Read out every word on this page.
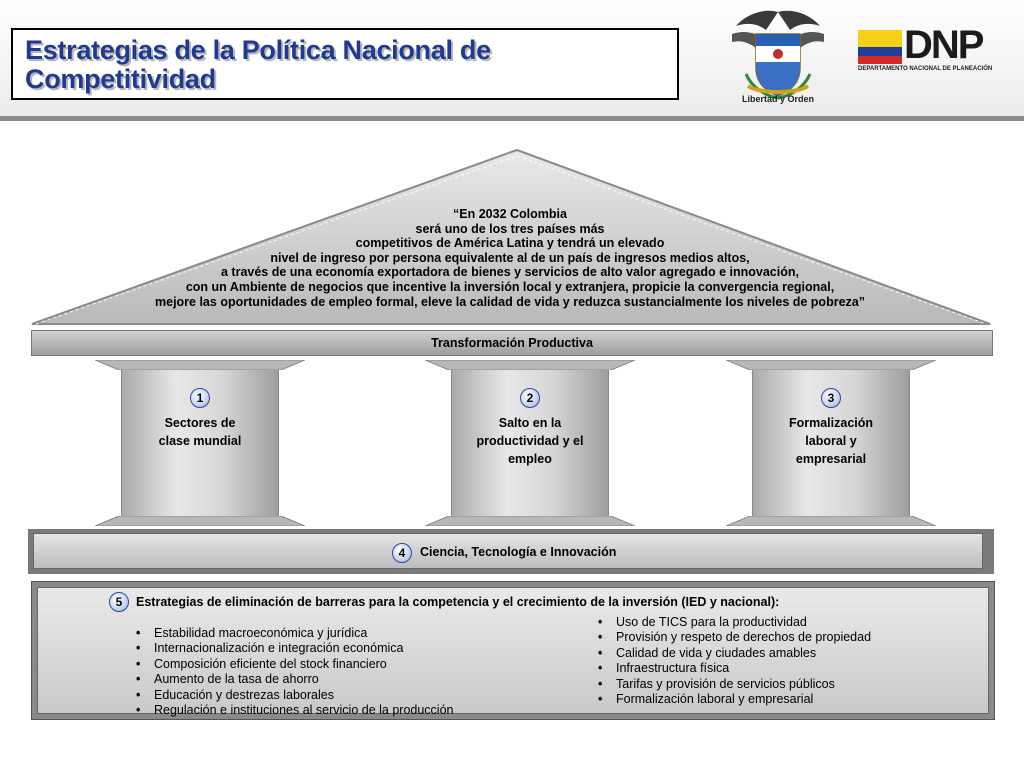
Estrategias de la Política Nacional de
Competitividad
Libertad y Orden
DNP
DEPARTAMENTO NACIONAL DE PLANEACIÓN
“En 2032 Colombia
será uno de los tres países más
competitivos de América Latina y tendrá un elevado
nivel de ingreso por persona equivalente al de un país de ingresos medios altos,
a través de una economía exportadora de bienes y servicios de alto valor agregado e innovación,
con un Ambiente de negocios que incentive la inversión local y extranjera, propicie la convergencia regional,
mejore las oportunidades de empleo formal, eleve la calidad de vida y reduzca sustancialmente los niveles de pobreza”
Transformación Productiva
1
Sectores de
clase mundial
2
Salto en la
productividad y el
empleo
3
Formalización
laboral y
empresarial
4	Ciencia, Tecnología e Innovación
5	Estrategias de eliminación de barreras para la competencia y el crecimiento de la inversión (IED y nacional):
• Estabilidad macroeconómica y jurídica
• Internacionalización e integración económica
• Composición eficiente del stock financiero
• Aumento de la tasa de ahorro
• Educación y destrezas laborales
• Regulación e instituciones al servicio de la producción
• Uso de TICS para la productividad
• Provisión y respeto de derechos de propiedad
• Calidad de vida y ciudades amables
• Infraestructura física
• Tarifas y provisión de servicios públicos
• Formalización laboral y empresarial
